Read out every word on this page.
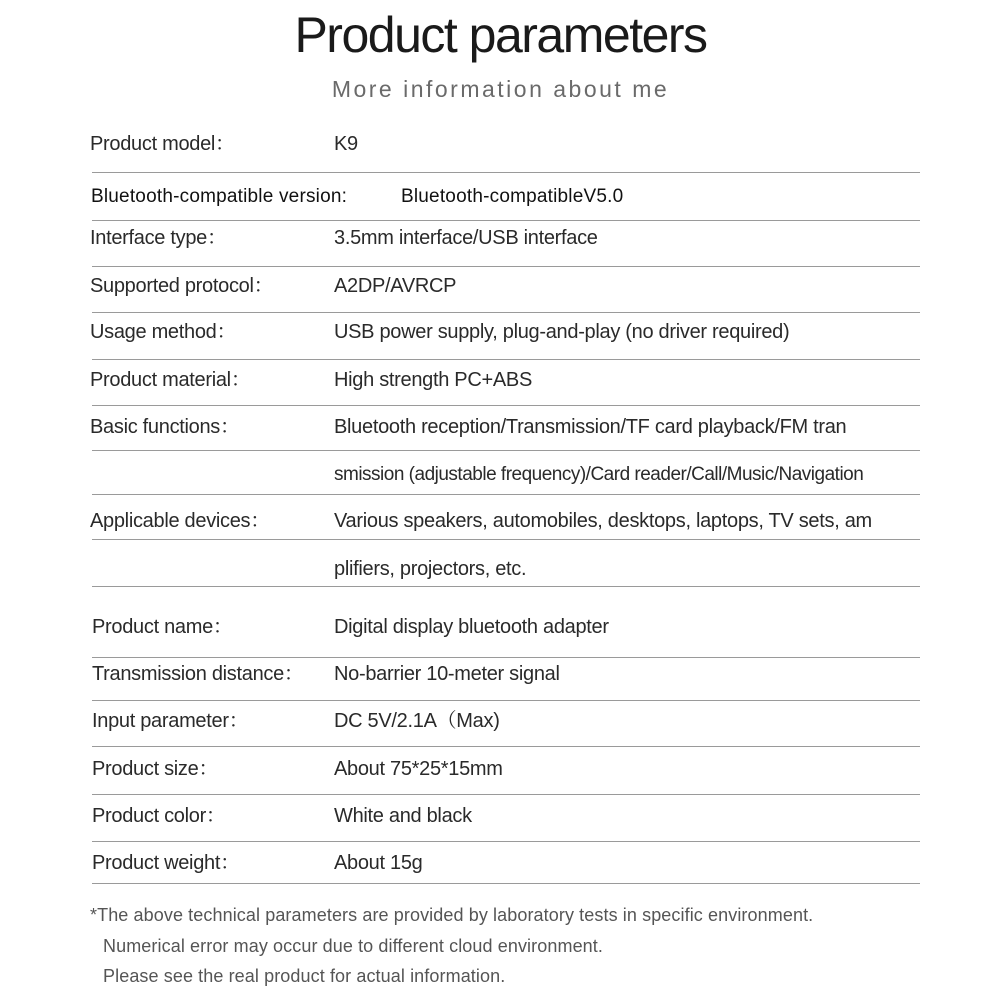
Product parameters
More information about me
Product model：	K9
Bluetooth-compatible version:	Bluetooth-compatibleV5.0
Interface type：	3.5mm interface/USB interface
Supported protocol：	A2DP/AVRCP
Usage method：	USB power supply, plug-and-play (no driver required)
Product material：	High strength PC+ABS
Basic functions：	Bluetooth reception/Transmission/TF card playback/FM tran
smission (adjustable frequency)/Card reader/Call/Music/Navigation
Applicable devices：	Various speakers, automobiles, desktops, laptops, TV sets, am
plifiers, projectors, etc.
Product name：	Digital display bluetooth adapter
Transmission distance： No-barrier 10-meter signal
Input parameter：	DC 5V/2.1A（Max)
Product size：	About 75*25*15mm
Product color：	White and black
Product weight：	About 15g
*The above technical parameters are provided by laboratory tests in specific environment.
Numerical error may occur due to different cloud environment.
Please see the real product for actual information.
